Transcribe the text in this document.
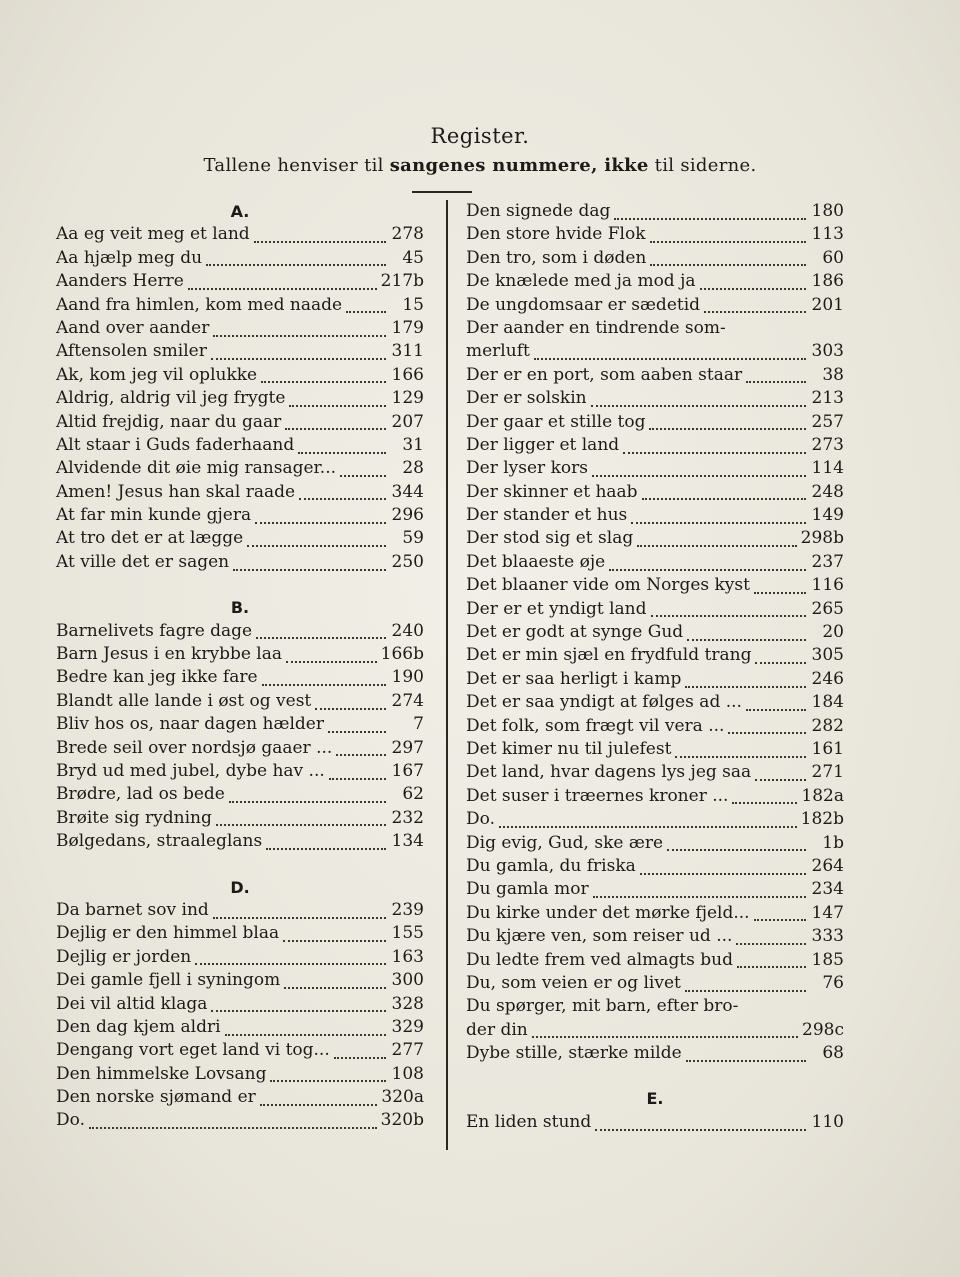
Register.
Tallene henviser til sangenes nummere, ikke til siderne.
A.
Aa eg veit meg et land	278
Aa hjælp meg du	45
Aanders Herre	217b
Aand fra himlen, kom med naade	15
Aand over aander	179
Aftensolen smiler	311
Ak, kom jeg vil oplukke	166
Aldrig, aldrig vil jeg frygte	129
Altid frejdig, naar du gaar	207
Alt staar i Guds faderhaand	31
Alvidende dit øie mig ransager...	28
Amen! Jesus han skal raade	344
At far min kunde gjera	296
At tro det er at lægge	59
At ville det er sagen	250
B.
Barnelivets fagre dage	240
Barn Jesus i en krybbe laa	166b
Bedre kan jeg ikke fare	190
Blandt alle lande i øst og vest	274
Bliv hos os, naar dagen hælder	7
Brede seil over nordsjø gaaer ...	297
Bryd ud med jubel, dybe hav ...	167
Brødre, lad os bede	62
Brøite sig rydning	232
Bølgedans, straaleglans	134
D.
Da barnet sov ind	239
Dejlig er den himmel blaa	155
Dejlig er jorden	163
Dei gamle fjell i syningom	300
Dei vil altid klaga	328
Den dag kjem aldri	329
Dengang vort eget land vi tog...	277
Den himmelske Lovsang	108
Den norske sjømand er	320a
Do.	320b
Den signede dag	180
Den store hvide Flok	113
Den tro, som i døden	60
De knælede med ja mod ja	186
De ungdomsaar er sædetid	201
Der aander en tindrende som-
merluft	303
Der er en port, som aaben staar	38
Der er solskin	213
Der gaar et stille tog	257
Der ligger et land	273
Der lyser kors	114
Der skinner et haab	248
Der stander et hus	149
Der stod sig et slag	298b
Det blaaeste øje	237
Det blaaner vide om Norges kyst	116
Der er et yndigt land	265
Det er godt at synge Gud	20
Det er min sjæl en frydfuld trang	305
Det er saa herligt i kamp	246
Det er saa yndigt at følges ad ...	184
Det folk, som frægt vil vera ...	282
Det kimer nu til julefest	161
Det land, hvar dagens lys jeg saa	271
Det suser i træernes kroner ...	182a
Do.	182b
Dig evig, Gud, ske ære	1b
Du gamla, du friska	264
Du gamla mor	234
Du kirke under det mørke fjeld...	147
Du kjære ven, som reiser ud ...	333
Du ledte frem ved almagts bud	185
Du, som veien er og livet	76
Du spørger, mit barn, efter bro-
der din	298c
Dybe stille, stærke milde	68
E.
En liden stund	110
